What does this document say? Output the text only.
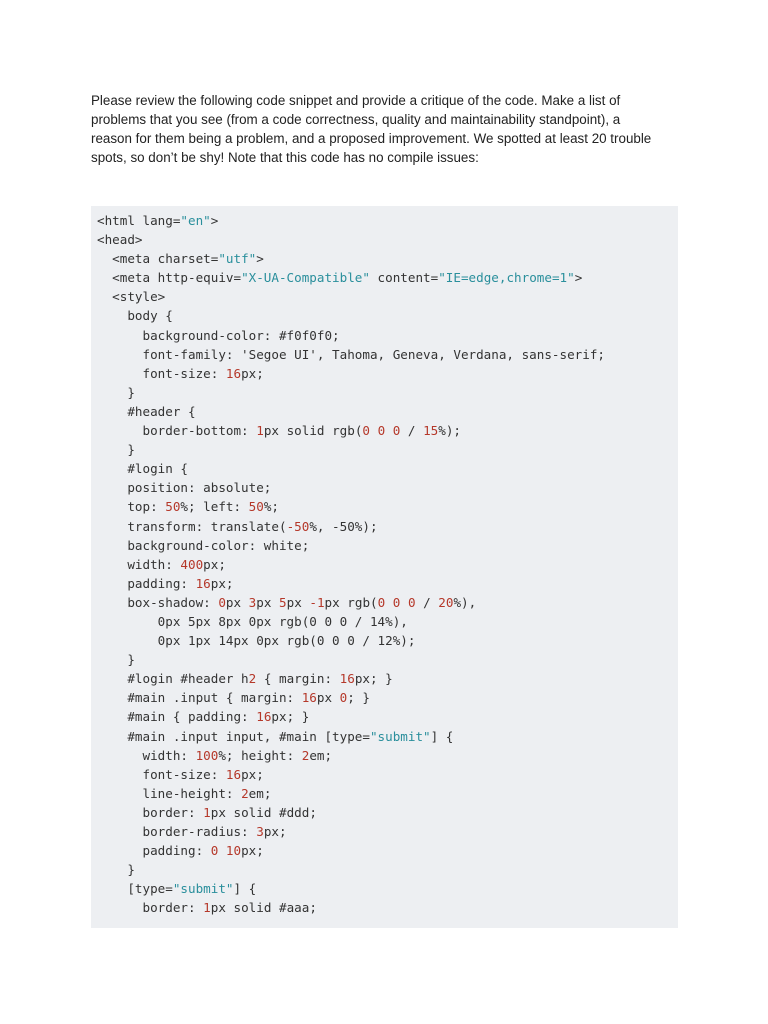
Please review the following code snippet and provide a critique of the code. Make a list of
problems that you see (from a code correctness, quality and maintainability standpoint), a
reason for them being a problem, and a proposed improvement. We spotted at least 20 trouble
spots, so don’t be shy! Note that this code has no compile issues:

<html lang="en">
<head>
<meta charset="utf">
<meta http-equiv="X-UA-Compatible" content="IE=edge,chrome=1">
<style>
body {
background-color: #f0f0f0;
font-family: 'Segoe UI', Tahoma, Geneva, Verdana, sans-serif;
font-size: 16px;
}
#header {
border-bottom: 1px solid rgb(0 0 0 / 15%);
}
#login {
position: absolute;
top: 50%; left: 50%;
transform: translate(-50%, -50%);
background-color: white;
width: 400px;
padding: 16px;
box-shadow: 0px 3px 5px -1px rgb(0 0 0 / 20%),
0px 5px 8px 0px rgb(0 0 0 / 14%),
0px 1px 14px 0px rgb(0 0 0 / 12%);
}
#login #header h2 { margin: 16px; }
#main .input { margin: 16px 0; }
#main { padding: 16px; }
#main .input input, #main [type="submit"] {
width: 100%; height: 2em;
font-size: 16px;
line-height: 2em;
border: 1px solid #ddd;
border-radius: 3px;
padding: 0 10px;
}
[type="submit"] {
border: 1px solid #aaa;
